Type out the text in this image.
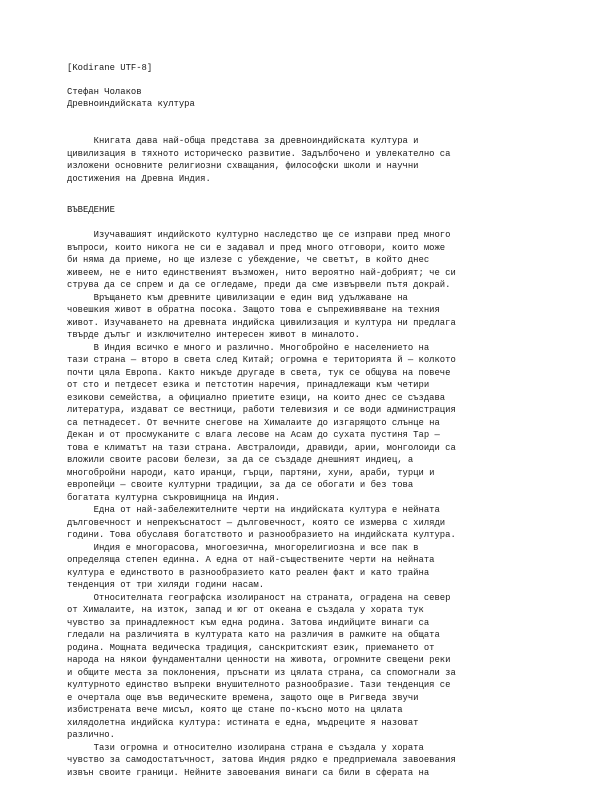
[Kodirane UTF-8]
Стефан Чолаков
Древноиндийската култура
Книгата дава най-обща представа за древноиндийската култура и
цивилизация в тяхното историческо развитие. Задълбочено и увлекателно са
изложени основните религиозни схващания, философски школи и научни
достижения на Древна Индия.
ВЪВЕДЕНИЕ
Изучавашият индийското културно наследство ще се изправи пред много
въпроси, които никога не си е задавал и пред много отговори, които може
би няма да приеме, но ще излезе с убеждение, че светът, в който днес
живеем, не е нито единственият възможен, нито вероятно най-добрият; че си
струва да се спрем и да се огледаме, преди да сме извървели пътя докрай.
Връщането към древните цивилизации е един вид удължаване на
човешкия живот в обратна посока. Защото това е съпреживяване на техния
живот. Изучаването на древната индийска цивилизация и култура ни предлага
твърде дълъг и изключително интересен живот в миналото.
В Индия всичко е много и различно. Многобройно е населението на
тази страна — второ в света след Китай; огромна е територията й — колкото
почти цяла Европа. Както никъде другаде в света, тук се общува на повече
от сто и петдесет езика и петстотин наречия, принадлежащи към четири
езикови семейства, а официално приетите езици, на които днес се създава
литература, издават се вестници, работи телевизия и се води администрация
са петнадесет. От вечните снегове на Хималаите до изгарящото слънце на
Декан и от просмуканите с влага лесове на Асам до сухата пустиня Тар —
това е климатът на тази страна. Австралоиди, дравиди, арии, монголоиди са
вложили своите расови белези, за да се създаде днешният индиец, а
многобройни народи, като иранци, гърци, партяни, хуни, араби, турци и
европейци — своите културни традиции, за да се обогати и без това
богатата културна съкровищница на Индия.
Една от най-забележителните черти на индийската култура е нейната
дълговечност и непрекъснатост — дълговечност, която се измерва с хиляди
години. Това обуславя богатството и разнообразието на индийската култура.
Индия е многорасова, многоезична, многорелигиозна и все пак в
определяща степен единна. А една от най-съществените черти на нейната
култура е единството в разнообразието като реален факт и като трайна
тенденция от три хиляди години насам.
Относителната географска изолираност на страната, оградена на север
от Хималаите, на изток, запад и юг от океана е създала у хората тук
чувство за принадлежност към една родина. Затова индийците винаги са
гледали на различията в културата като на различия в рамките на общата
родина. Мощната ведическа традиция, санскритският език, приемането от
народа на някои фундаментални ценности на живота, огромните свещени реки
и общите места за поклонения, пръснати из цялата страна, са спомогнали за
културното единство въпреки внушителното разнообразие. Тази тенденция се
е очертала още във ведическите времена, защото още в Ригведа звучи
избистрената вече мисъл, която ще стане по-късно мото на цялата
хилядолетна индийска култура: истината е една, мъдреците я назоват
различно.
Тази огромна и относително изолирана страна е създала у хората
чувство за самодостатъчност, затова Индия рядко е предприемала завоевания
извън своите граници. Нейните завоевания винаги са били в сферата на
